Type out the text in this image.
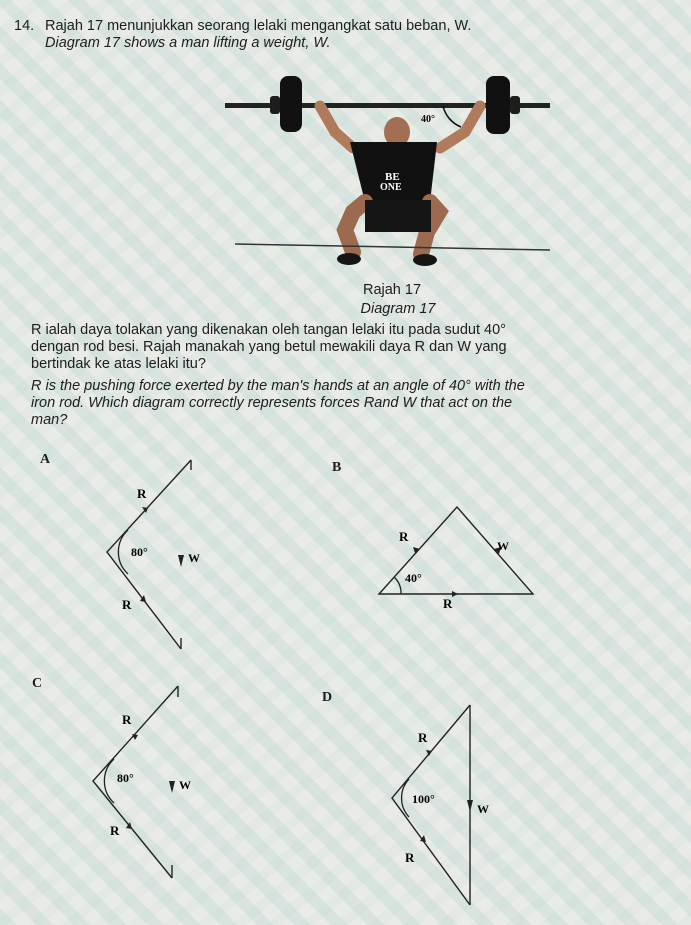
14. Rajah 17 menunjukkan seorang lelaki mengangkat satu beban, W.
Diagram 17 shows a man lifting a weight, W.
40°
BE
ONE
Rajah 17
Diagram 17
R ialah daya tolakan yang dikenakan oleh tangan lelaki itu pada sudut 40°
dengan rod besi. Rajah manakah yang betul mewakili daya R dan W yang
bertindak ke atas lelaki itu?
R is the pushing force exerted by the man's hands at an angle of 40° with the
iron rod. Which diagram correctly represents forces Rand W that act on the
man?
A
B
C
D
R
80°	W
R
R
W
40°
R
R
80°	W
R
R
100°
W
R
